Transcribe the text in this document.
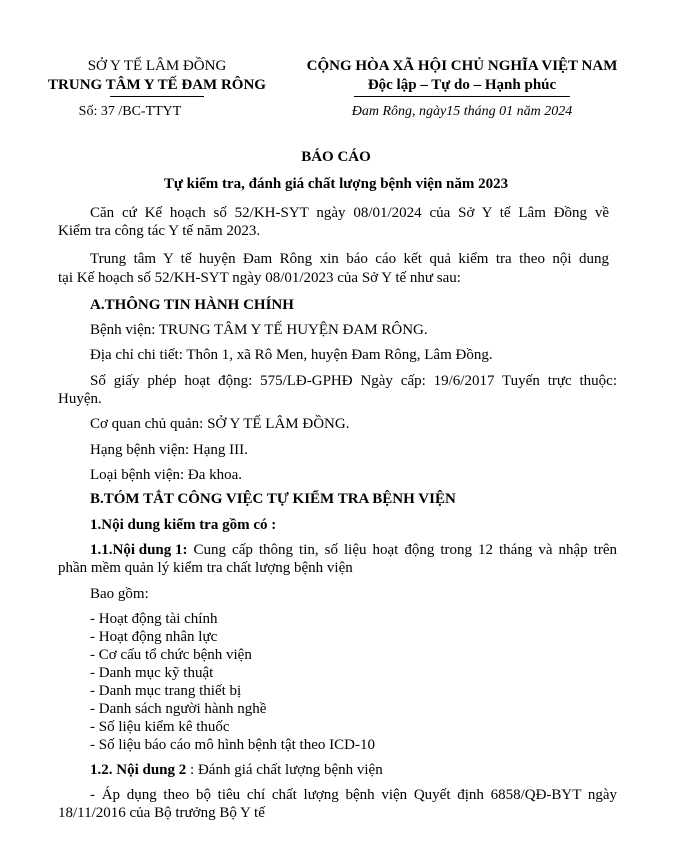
SỞ Y TẾ LÂM ĐỒNG
TRUNG TÂM Y TẾ ĐAM RÔNG
Số: 37 /BC-TTYT
CỘNG HÒA XÃ HỘI CHỦ NGHĨA VIỆT NAM
Độc lập – Tự do – Hạnh phúc
Đam Rông, ngày15 tháng 01 năm 2024
BÁO CÁO
Tự kiểm tra, đánh giá chất lượng bệnh viện năm 2023
Căn cứ Kế hoạch số 52/KH-SYT ngày 08/01/2024 của Sở Y tế Lâm Đồng về
Kiểm tra công tác Y tế năm 2023.
Trung tâm Y tế huyện Đam Rông xin báo cáo kết quả kiểm tra theo nội dung
tại Kế hoạch số 52/KH-SYT ngày 08/01/2023 của Sở Y tế như sau:
A.THÔNG TIN HÀNH CHÍNH
Bệnh viện: TRUNG TÂM Y TẾ HUYỆN ĐAM RÔNG.
Địa chỉ chi tiết: Thôn 1, xã Rô Men, huyện Đam Rông, Lâm Đồng.
Số giấy phép hoạt động: 575/LĐ-GPHĐ Ngày cấp: 19/6/2017 Tuyến trực thuộc:
Huyện.
Cơ quan chủ quản: SỞ Y TẾ LÂM ĐỒNG.
Hạng bệnh viện: Hạng III.
Loại bệnh viện: Đa khoa.
B.TÓM TẮT CÔNG VIỆC TỰ KIỂM TRA BỆNH VIỆN
1.Nội dung kiểm tra gồm có :
1.1.Nội dung 1: Cung cấp thông tin, số liệu hoạt động trong 12 tháng và nhập trên
phần mềm quản lý kiểm tra chất lượng bệnh viện
Bao gồm:
- Hoạt động tài chính
- Hoạt động nhân lực
- Cơ cấu tổ chức bệnh viện
- Danh mục kỹ thuật
- Danh mục trang thiết bị
- Danh sách người hành nghề
- Số liệu kiểm kê thuốc
- Số liệu báo cáo mô hình bệnh tật theo ICD-10
1.2. Nội dung 2 : Đánh giá chất lượng bệnh viện
- Áp dụng theo bộ tiêu chí chất lượng bệnh viện Quyết định 6858/QĐ-BYT ngày
18/11/2016 của Bộ trưởng Bộ Y tế
